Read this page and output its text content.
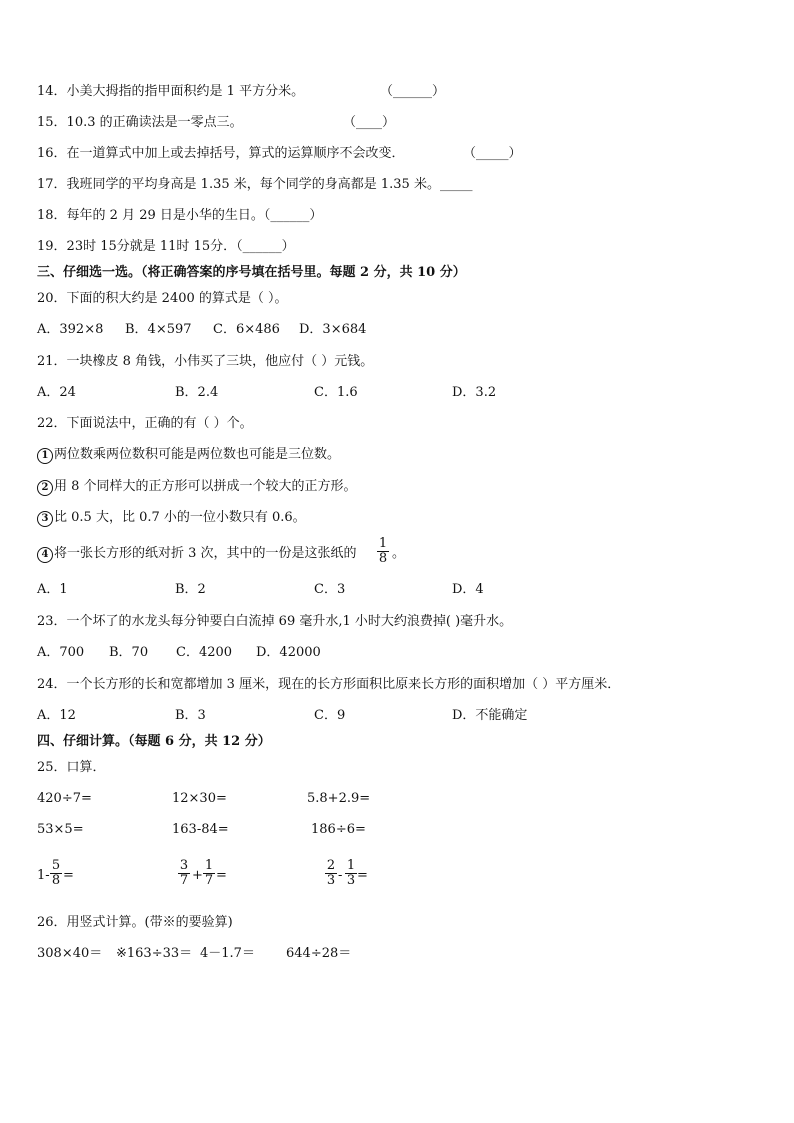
14．小美大拇指的指甲面积约是 1 平方分米。	（______）
15．10.3 的正确读法是一零点三。	（____）
16．在一道算式中加上或去掉括号，算式的运算顺序不会改变．	（_____）
17．我班同学的平均身高是 1.35 米，每个同学的身高都是 1.35 米。_____
18．每年的 2 月 29 日是小华的生日。（______）
19．23时 15分就是 11时 15分．（______）
三、仔细选一选。（将正确答案的序号填在括号里。每题 2 分，共 10 分）
20．下面的积大约是 2400 的算式是（ ）。
A．392×8 B．4×597 C．6×486 D．3×684
21．一块橡皮 8 角钱，小伟买了三块，他应付（ ）元钱。
A．24	B．2.4	C．1.6	D．3.2
22．下面说法中，正确的有（ ）个。
1 两位数乘两位数积可能是两位数也可能是三位数。
2 用 8 个同样大的正方形可以拼成一个较大的正方形。
3 比 0.5 大，比 0.7 小的一位小数只有 0.6。
4 将一张长方形的纸对折 3 次，其中的一份是这张纸的 $\frac{1}{8}$ 。
A．1	B．2	C．3	D．4
23．一个坏了的水龙头每分钟要白白流掉 69 毫升水,1 小时大约浪费掉( )毫升水。
A．700 B．70 C．4200 D．42000
24．一个长方形的长和宽都增加 3 厘米，现在的长方形面积比原来长方形的面积增加（ ）平方厘米．
A．12	B．3	C．9	D．不能确定
四、仔细计算。（每题 6 分，共 12 分）
25．口算．
420÷7=	12×30=	5.8+2.9=
53×5=	163-84=	186÷6=
$1- \frac{5}{8}$ =	$\frac{3}{7} + \frac{1}{7}$ =	$\frac{2}{3} - \frac{1}{3}$ =
26．用竖式计算。(带※的要验算)
308×40＝ ※163÷33＝ 4－1.7＝ 644÷28＝
